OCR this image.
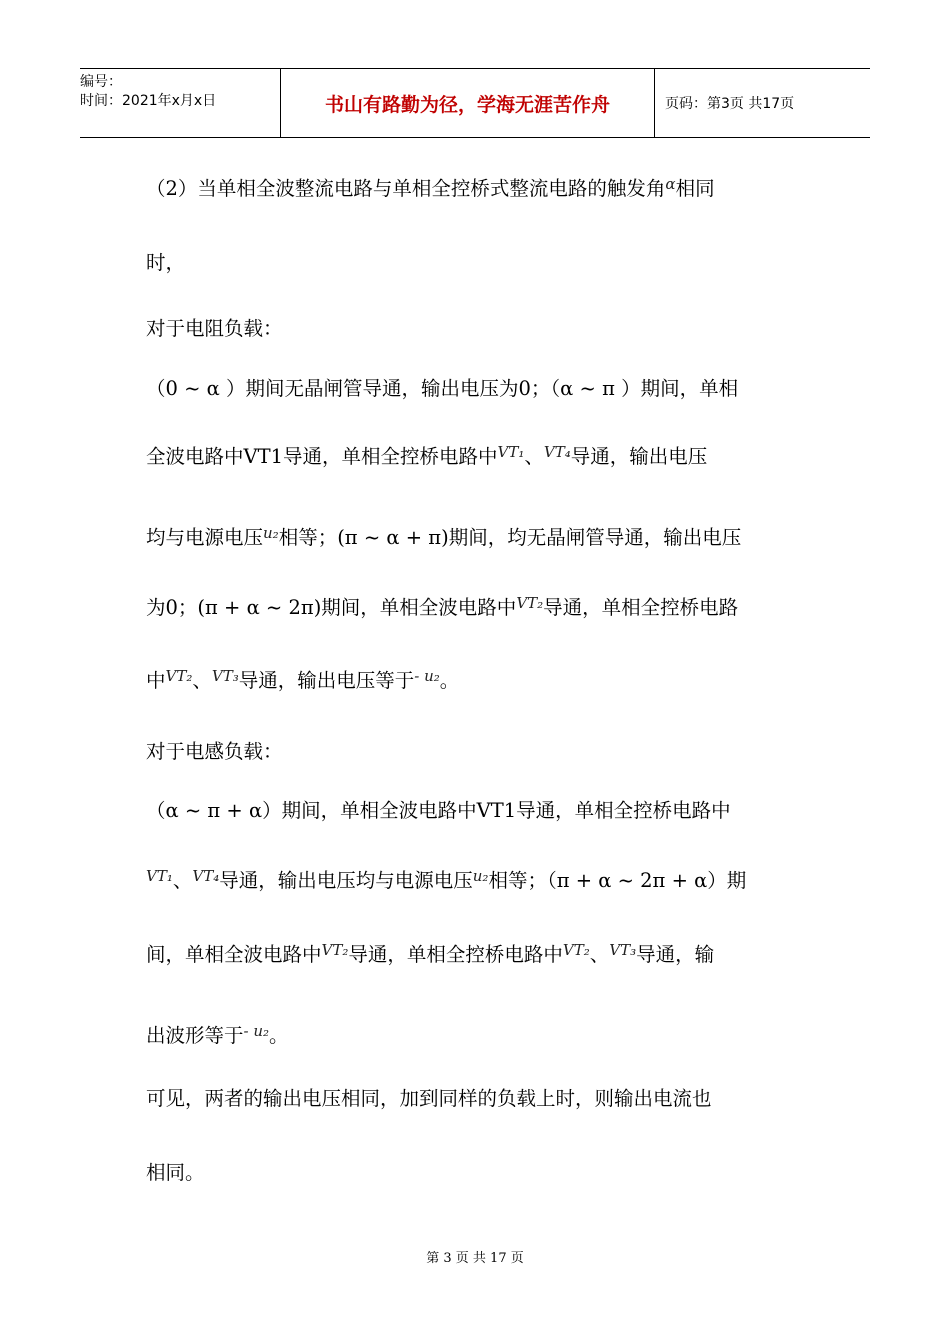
编号：
时间：2021年x月x日	书山有路勤为径，学海无涯苦作舟	页码：第3页 共17页
（2）当单相全波整流电路与单相全控桥式整流电路的触发角$^\alpha$相同
时，
对于电阻负载：
（0 ~ α ）期间无晶闸管导通，输出电压为0；（α ~ π ）期间，单相
全波电路中VT1导通，单相全控桥电路中$^{VT_1}$、$^{VT_4}$导通，输出电压
均与电源电压$^{u_2}$相等；(π ~ α + π)期间，均无晶闸管导通，输出电压
为0；(π + α ~ 2π)期间，单相全波电路中$^{VT_2}$导通，单相全控桥电路
中$^{VT_2}$、$^{VT_3}$导通，输出电压等于$^{- u_2}$。
对于电感负载：
（α ~ π + α）期间，单相全波电路中VT1导通，单相全控桥电路中
$^{VT_1}$、$^{VT_4}$导通，输出电压均与电源电压$^{u_2}$相等；（π + α ~ 2π + α）期
间，单相全波电路中$^{VT_2}$导通，单相全控桥电路中$^{VT_2}$、$^{VT_3}$导通，输
出波形等于$^{- u_2}$。
可见，两者的输出电压相同，加到同样的负载上时，则输出电流也
相同。
第 3 页 共 17 页
